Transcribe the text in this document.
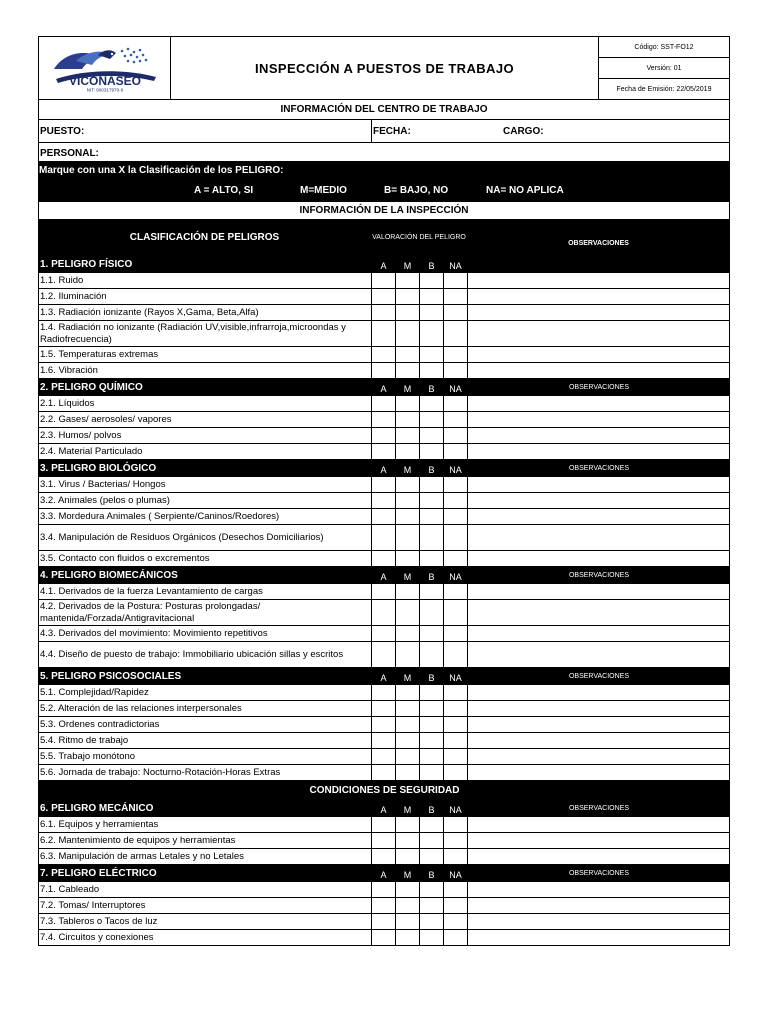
VICONASEO
NIT: 900317970-6
INSPECCIÓN A PUESTOS DE TRABAJO
Código: SST-FO12
Versión: 01
Fecha de Emisión: 22/05/2019
INFORMACIÓN DEL CENTRO DE TRABAJO
PUESTO:	FECHA:	CARGO:
PERSONAL:
Marque con una X la Clasificación de los PELIGRO:
A = ALTO, SI	M=MEDIO	B= BAJO, NO	NA= NO APLICA
INFORMACIÓN DE LA INSPECCIÓN
CLASIFICACIÓN DE PELIGROS	VALORACIÓN DEL PELIGRO
OBSERVACIONES
1. PELIGRO FÍSICO	A	M	B	NA	
1.1. Ruido					
1.2. Iluminación					
1.3. Radiación ionizante (Rayos X,Gama, Beta,Alfa)					
1.4. Radiación no ionizante (Radiación UV,visible,infrarroja,microondas y Radiofrecuencia)					
1.5. Temperaturas extremas					
1.6. Vibración					
2. PELIGRO QUÍMICO	A	M	B	NA	OBSERVACIONES
2.1. Líquidos					
2.2. Gases/ aerosoles/ vapores					
2.3. Humos/ polvos					
2.4. Material Particulado					
3. PELIGRO BIOLÓGICO	A	M	B	NA	OBSERVACIONES
3.1. Virus / Bacterias/ Hongos					
3.2. Animales (pelos o plumas)					
3.3. Mordedura Animales ( Serpiente/Caninos/Roedores)					
3.4. Manipulación de Residuos Orgánicos (Desechos Domiciliarios)					
3.5. Contacto con fluidos o excrementos					
4. PELIGRO BIOMECÁNICOS	A	M	B	NA	OBSERVACIONES
4.1. Derivados de la fuerza Levantamiento de cargas					
4.2. Derivados de la Postura: Posturas prolongadas/ mantenida/Forzada/Antigravitacional					
4.3. Derivados del movimiento: Movimiento repetitivos					
4.4. Diseño de puesto de trabajo: Immobiliario ubicación sillas y escritos					
5. PELIGRO PSICOSOCIALES	A	M	B	NA	OBSERVACIONES
5.1. Complejidad/Rapidez					
5.2. Alteración de las relaciones interpersonales					
5.3. Ordenes contradictorias					
5.4. Ritmo de trabajo					
5.5. Trabajo monótono					
5.6. Jornada de trabajo: Nocturno-Rotación-Horas Extras					
CONDICIONES DE SEGURIDAD					
6. PELIGRO MECÁNICO	A	M	B	NA	OBSERVACIONES
6.1. Equipos y herramientas					
6.2. Mantenimiento de equipos y herramientas					
6.3. Manipulación de armas Letales y no Letales					
7. PELIGRO ELÉCTRICO	A	M	B	NA	OBSERVACIONES
7.1. Cableado					
7.2. Tomas/ Interruptores					
7.3. Tableros o Tacos de luz					
7.4. Circuitos y conexiones					
